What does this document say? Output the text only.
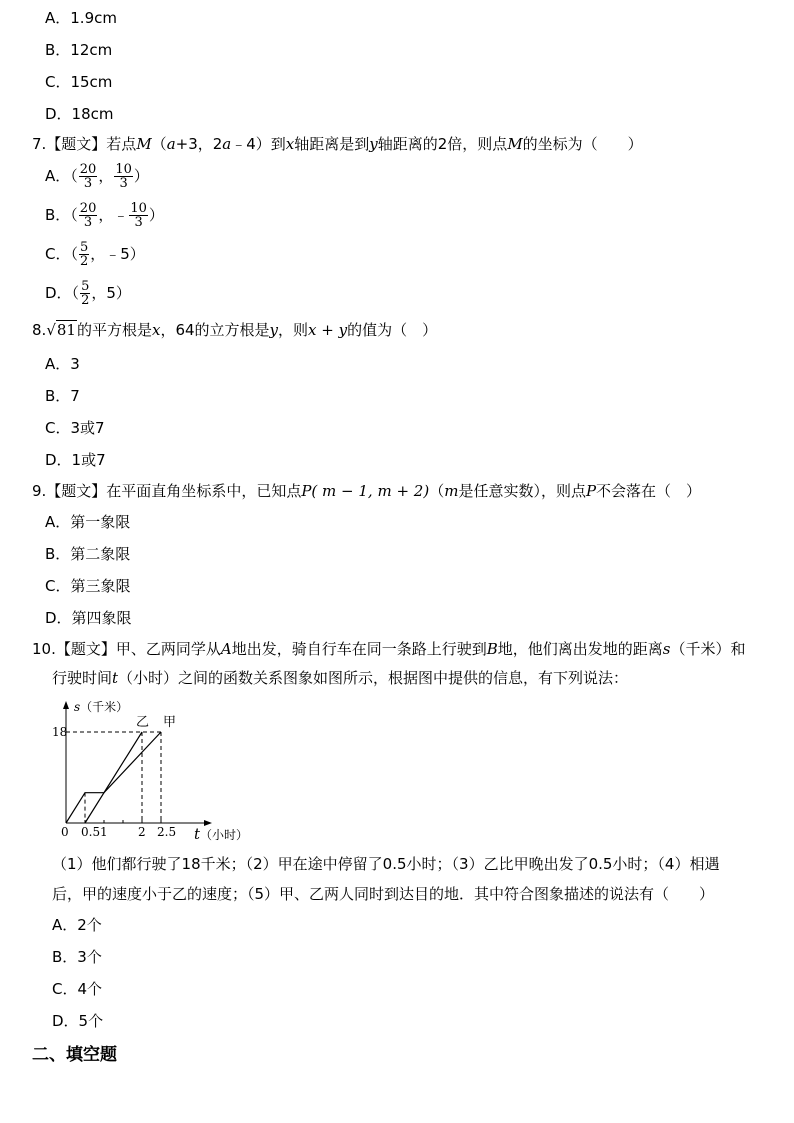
A．1.9cm
B．12cm
C．15cm
D．18cm
7.【题文】若点M（a+3，2a﹣4）到x轴距离是到y轴距离的2倍，则点M的坐标为（　　）
A．（ $\frac{20}{3}$ ， $\frac{10}{3}$ ）
B．（ $\frac{20}{3}$ ，﹣ $\frac{10}{3}$ ）
C．（ $\frac{5}{2}$ ，﹣5）
D．（ $\frac{5}{2}$ ，5）
8.√81的平方根是x，64的立方根是y，则x + y的值为（　）
A．3
B．7
C．3或7
D．1或7
9.【题文】在平面直角坐标系中，已知点P( m − 1, m + 2)（m是任意实数），则点P不会落在（　）
A．第一象限
B．第二象限
C．第三象限
D．第四象限
10.【题文】甲、乙两同学从A地出发，骑自行车在同一条路上行驶到B地，他们离出发地的距离s（千米）和
行驶时间t（小时）之间的函数关系图象如图所示，根据图中提供的信息，有下列说法：
s（千米）
t（小时）
18
0 0.5 1	2 2.5
乙 甲
（1）他们都行驶了18千米；（2）甲在途中停留了0.5小时；（3）乙比甲晚出发了0.5小时；（4）相遇
后，甲的速度小于乙的速度；（5）甲、乙两人同时到达目的地．其中符合图象描述的说法有（　　）
A．2个
B．3个
C．4个
D．5个
二、填空题
